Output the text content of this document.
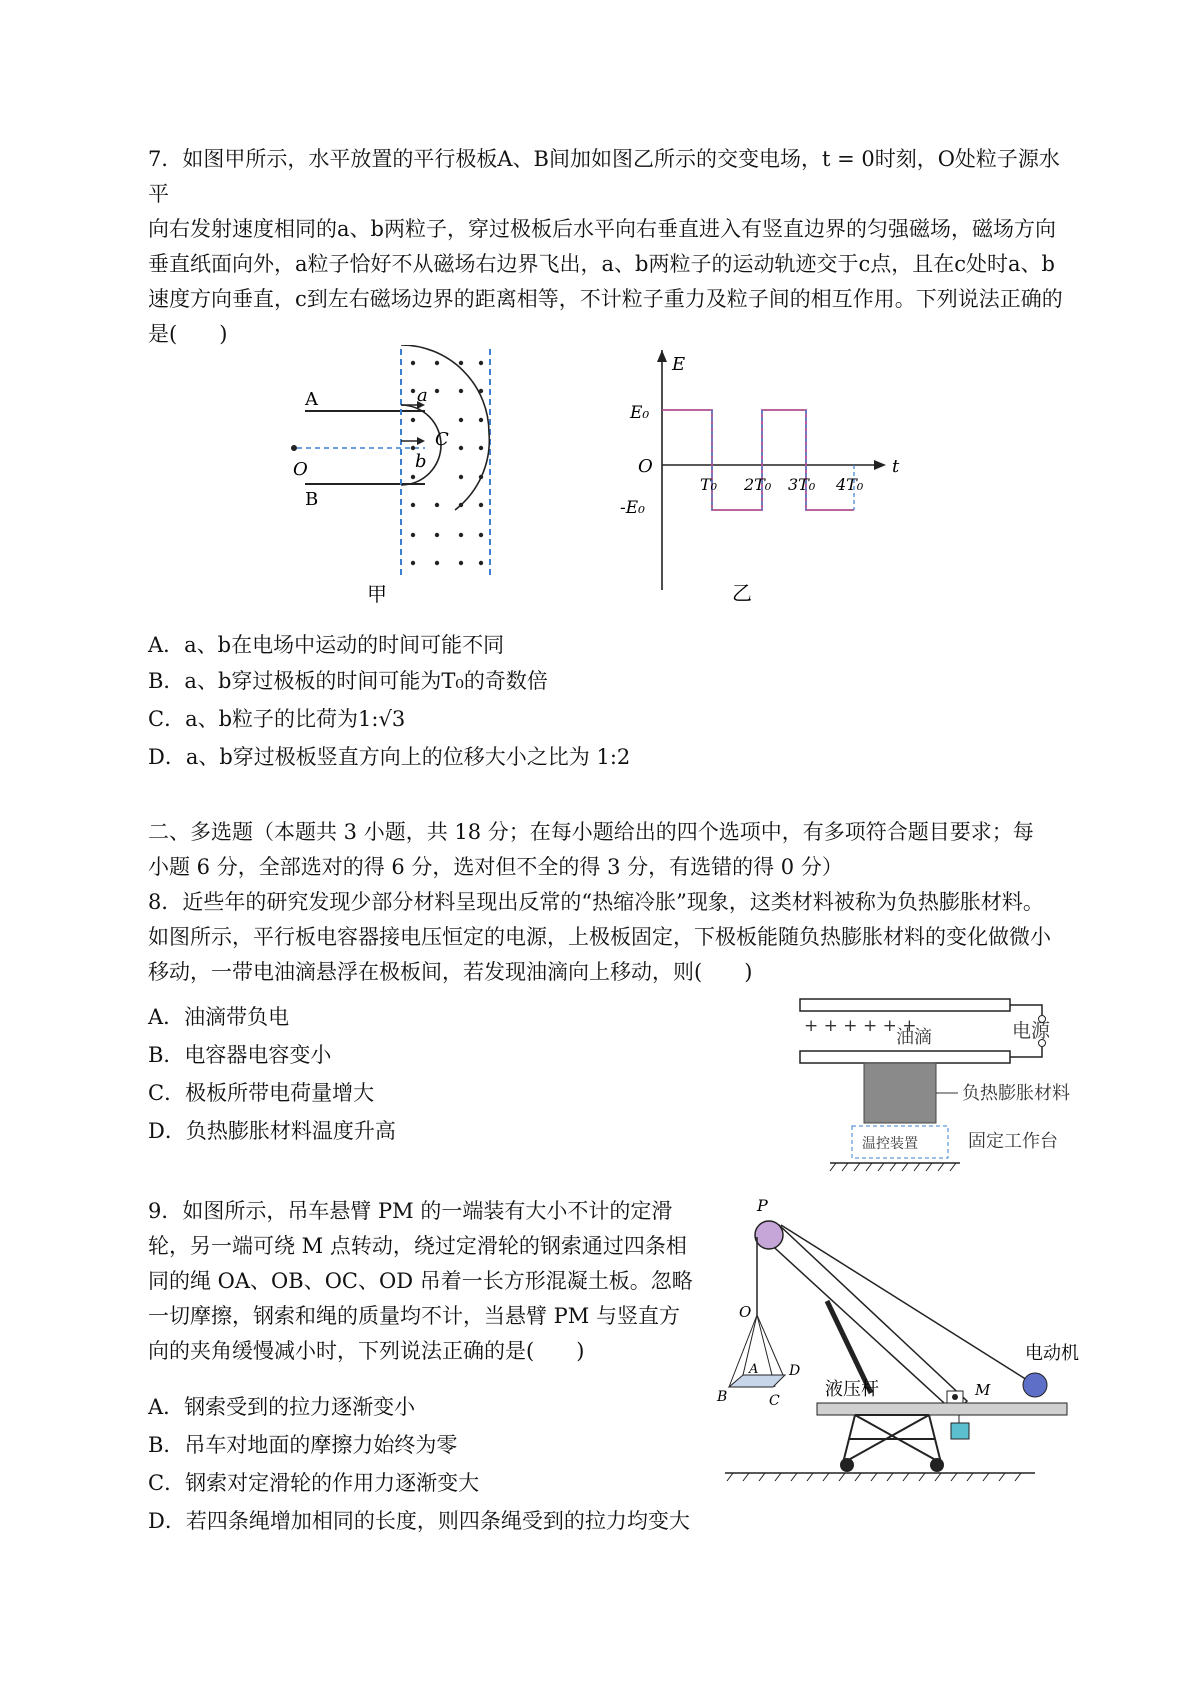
7．如图甲所示，水平放置的平行极板A、B间加如图乙所示的交变电场，t = 0时刻，O处粒子源水平

向右发射速度相同的a、b两粒子，穿过极板后水平向右垂直进入有竖直边界的匀强磁场，磁场方向

垂直纸面向外，a粒子恰好不从磁场右边界飞出，a、b两粒子的运动轨迹交于c点，且在c处时a、b

速度方向垂直，c到左右磁场边界的距离相等，不计粒子重力及粒子间的相互作用。下列说法正确的

是(　　)

A
B
O
a
b
C
甲
E
t
O
E₀
-E₀
T₀ 2T₀ 3T₀ 4T₀
乙

A．a、b在电场中运动的时间可能不同

B．a、b穿过极板的时间可能为T₀的奇数倍

C．a、b粒子的比荷为1:√3

D．a、b穿过极板竖直方向上的位移大小之比为 1:2

二、多选题（本题共 3 小题，共 18 分；在每小题给出的四个选项中，有多项符合题目要求；每

小题 6 分，全部选对的得 6 分，选对但不全的得 3 分，有选错的得 0 分）

8．近些年的研究发现少部分材料呈现出反常的“热缩冷胀”现象，这类材料被称为负热膨胀材料。

如图所示，平行板电容器接电压恒定的电源，上极板固定，下极板能随负热膨胀材料的变化做微小

移动，一带电油滴悬浮在极板间，若发现油滴向上移动，则(　　)

A．油滴带负电

B．电容器电容变小

C．极板所带电荷量增大

D．负热膨胀材料温度升高

+ + + + + +
油滴	电源
负热膨胀材料
温控装置	固定工作台

9．如图所示，吊车悬臂 PM 的一端装有大小不计的定滑

轮，另一端可绕 M 点转动，绕过定滑轮的钢索通过四条相

同的绳 OA、OB、OC、OD 吊着一长方形混凝土板。忽略

一切摩擦，钢索和绳的质量均不计，当悬臂 PM 与竖直方

向的夹角缓慢减小时，下列说法正确的是(　　)

A．钢索受到的拉力逐渐变小

B．吊车对地面的摩擦力始终为零

C．钢索对定滑轮的作用力逐渐变大

D．若四条绳增加相同的长度，则四条绳受到的拉力均变大

P
O
A
B	C
D
液压杆	M
电动机
